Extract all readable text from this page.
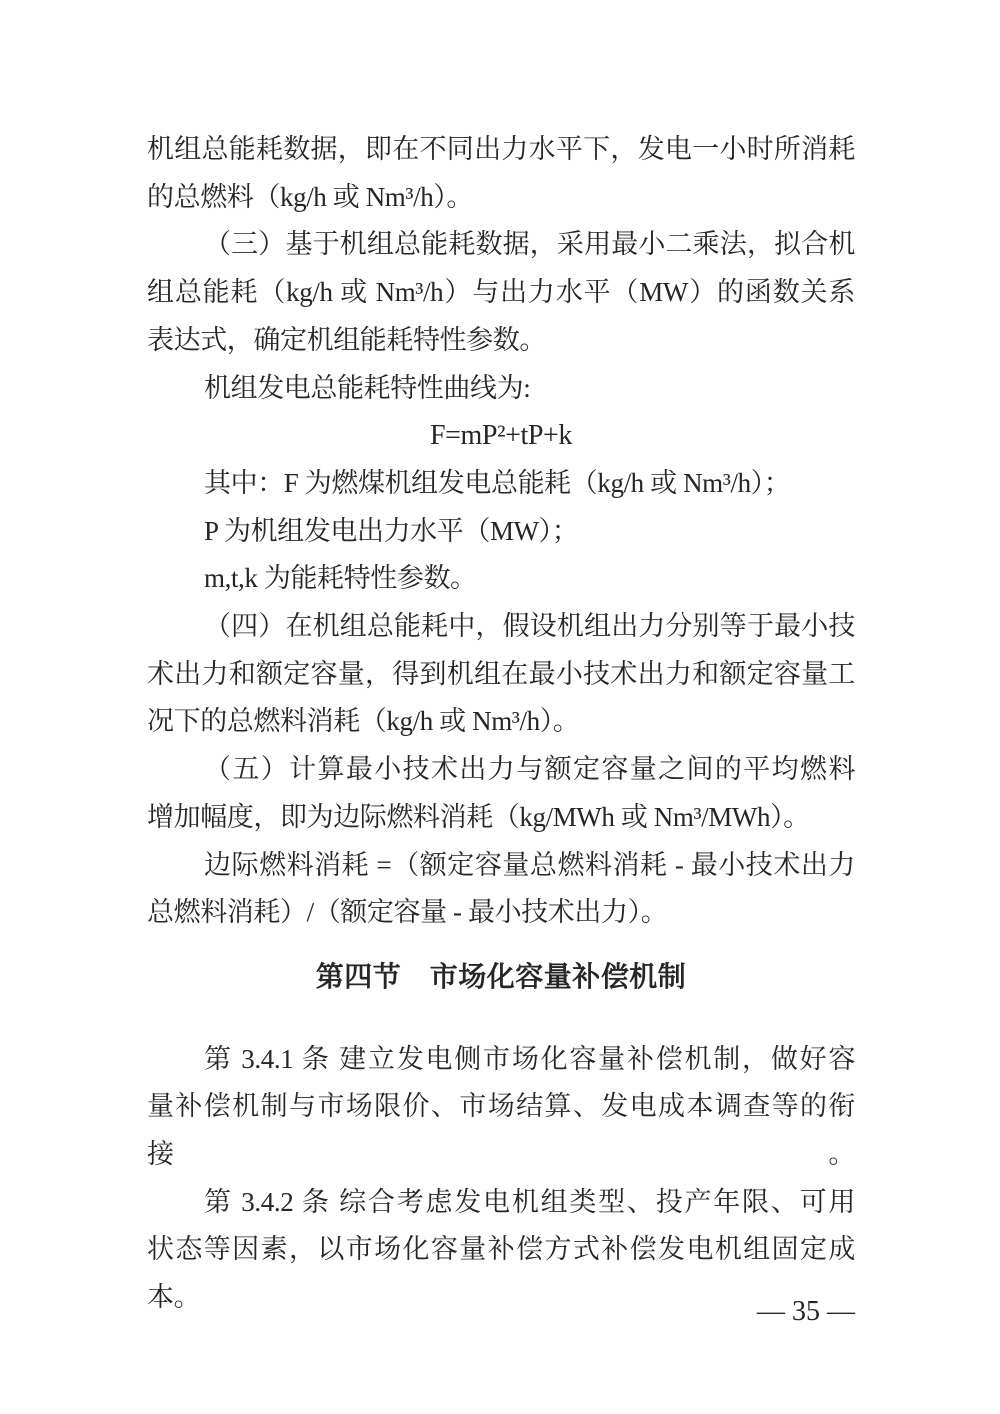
机组总能耗数据，即在不同出力水平下，发电一小时所消耗
的总燃料（kg/h 或 Nm³/h）。
（三）基于机组总能耗数据，采用最小二乘法，拟合机
组总能耗（kg/h 或 Nm³/h）与出力水平（MW）的函数关系
表达式，确定机组能耗特性参数。
机组发电总能耗特性曲线为:
F=mP²+tP+k
其中：F 为燃煤机组发电总能耗（kg/h 或 Nm³/h）；
P 为机组发电出力水平（MW）；
m,t,k 为能耗特性参数。
（四）在机组总能耗中，假设机组出力分别等于最小技
术出力和额定容量，得到机组在最小技术出力和额定容量工
况下的总燃料消耗（kg/h 或 Nm³/h）。
（五）计算最小技术出力与额定容量之间的平均燃料
增加幅度，即为边际燃料消耗（kg/MWh 或 Nm³/MWh）。
边际燃料消耗 =（额定容量总燃料消耗 - 最小技术出力
总燃料消耗）/（额定容量 - 最小技术出力）。
第四节　市场化容量补偿机制
第 3.4.1 条 建立发电侧市场化容量补偿机制，做好容
量补偿机制与市场限价、市场结算、发电成本调查等的衔接。
第 3.4.2 条 综合考虑发电机组类型、投产年限、可用
状态等因素，以市场化容量补偿方式补偿发电机组固定成
本。	— 35 —
